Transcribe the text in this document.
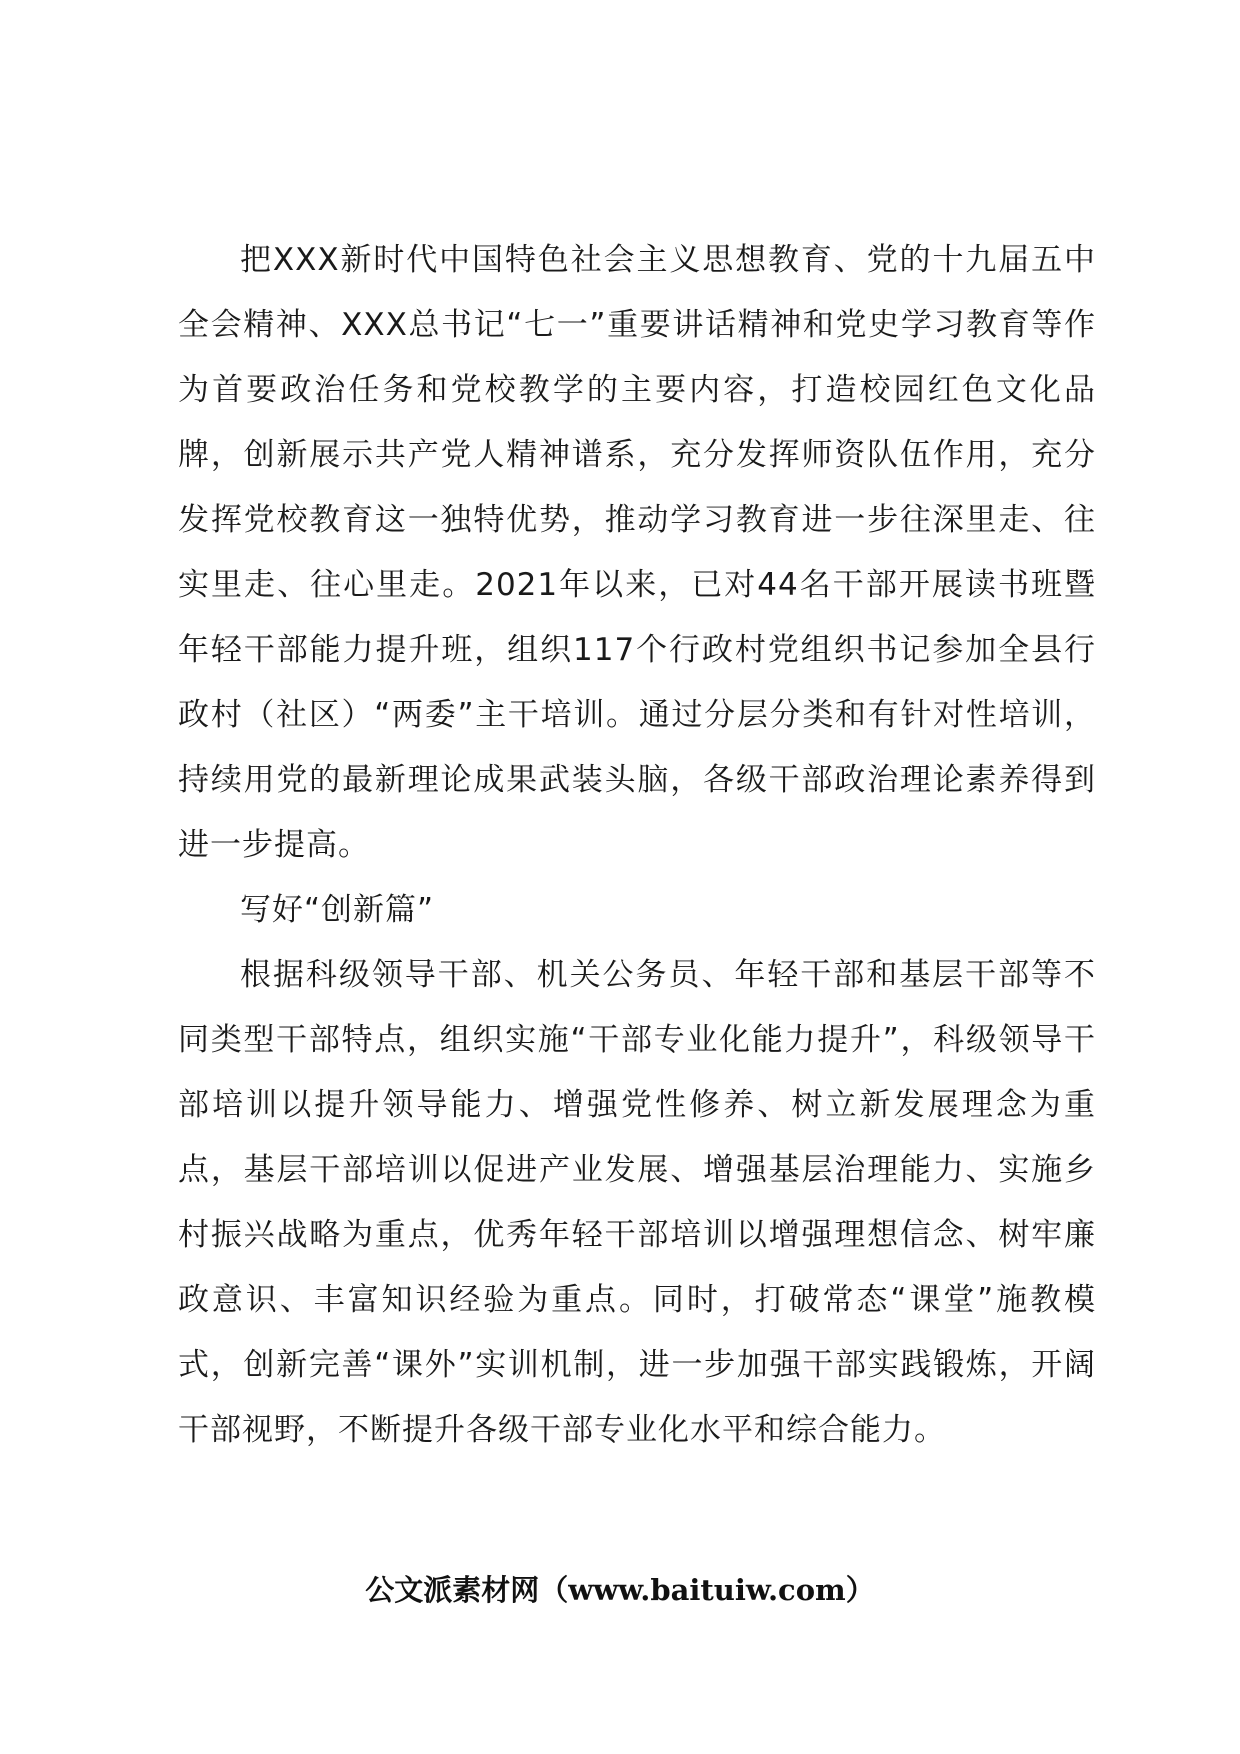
把XXX新时代中国特色社会主义思想教育、党的十九届五中全会精神、XXX总书记“七一”重要讲话精神和党史学习教育等作为首要政治任务和党校教学的主要内容，打造校园红色文化品牌，创新展示共产党人精神谱系，充分发挥师资队伍作用，充分发挥党校教育这一独特优势，推动学习教育进一步往深里走、往实里走、往心里走。2021年以来，已对44名干部开展读书班暨年轻干部能力提升班，组织117个行政村党组织书记参加全县行政村（社区）“两委”主干培训。通过分层分类和有针对性培训，持续用党的最新理论成果武装头脑，各级干部政治理论素养得到进一步提高。

写好“创新篇”

根据科级领导干部、机关公务员、年轻干部和基层干部等不同类型干部特点，组织实施“干部专业化能力提升”，科级领导干部培训以提升领导能力、增强党性修养、树立新发展理念为重点，基层干部培训以促进产业发展、增强基层治理能力、实施乡村振兴战略为重点，优秀年轻干部培训以增强理想信念、树牢廉政意识、丰富知识经验为重点。同时，打破常态“课堂”施教模式，创新完善“课外”实训机制，进一步加强干部实践锻炼，开阔干部视野，不断提升各级干部专业化水平和综合能力。

公文派素材网（www.baituiw.com）
